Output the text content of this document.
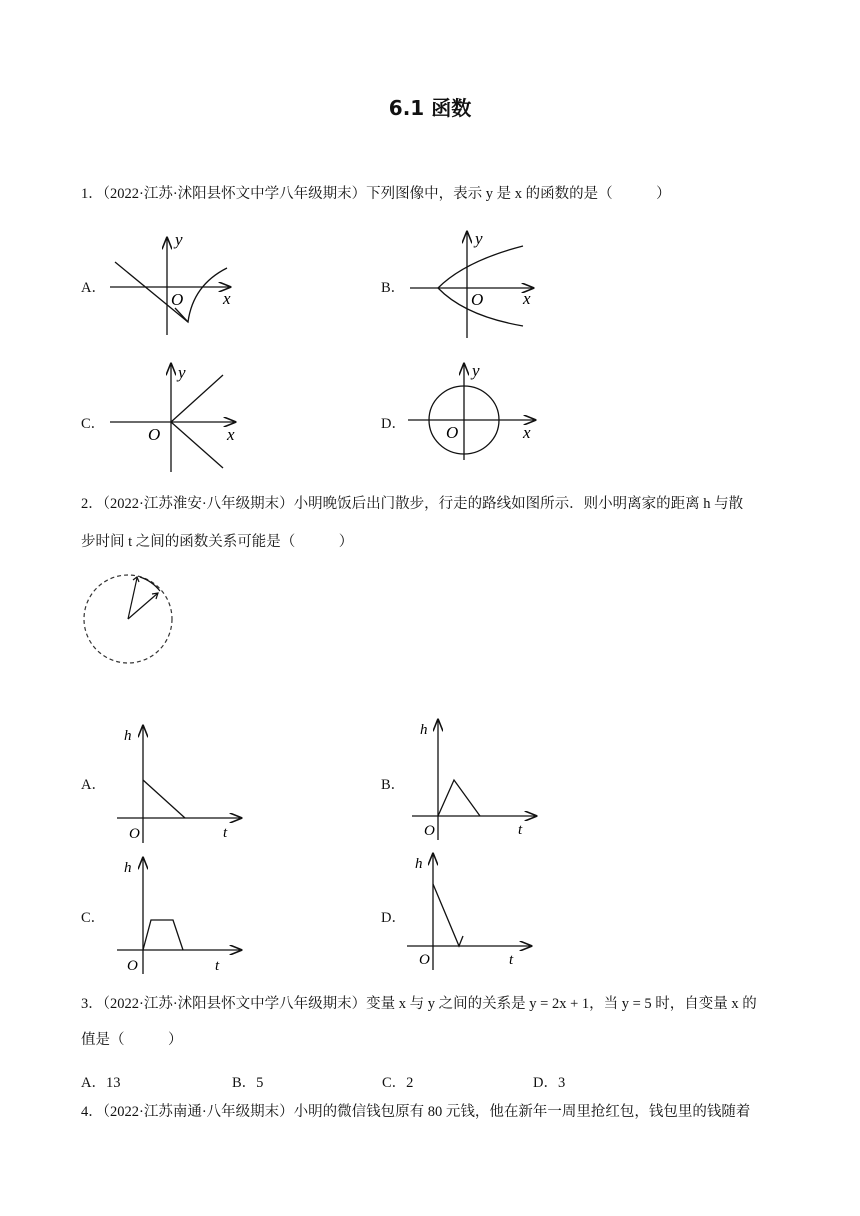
6.1 函数
1．（2022·江苏·沭阳县怀文中学八年级期末）下列图像中，表示 y 是 x 的函数的是（　　　）
A．
y
x
O
B．
y
x
O
C．
y
x
O
D．
y
x
O
2．（2022·江苏淮安·八年级期末）小明晚饭后出门散步，行走的路线如图所示．则小明离家的距离 h 与散
步时间 t 之间的函数关系可能是（　　　）
A．
h
t
O
B．
h
t
O
C．
h
t
O
D．
h
t
O
3．（2022·江苏·沭阳县怀文中学八年级期末）变量 x 与 y 之间的关系是 y = 2x + 1，当 y = 5 时，自变量 x 的
值是（　　　）
A．13	B．5	C．2	D．3
4．（2022·江苏南通·八年级期末）小明的微信钱包原有 80 元钱，他在新年一周里抢红包，钱包里的钱随着
